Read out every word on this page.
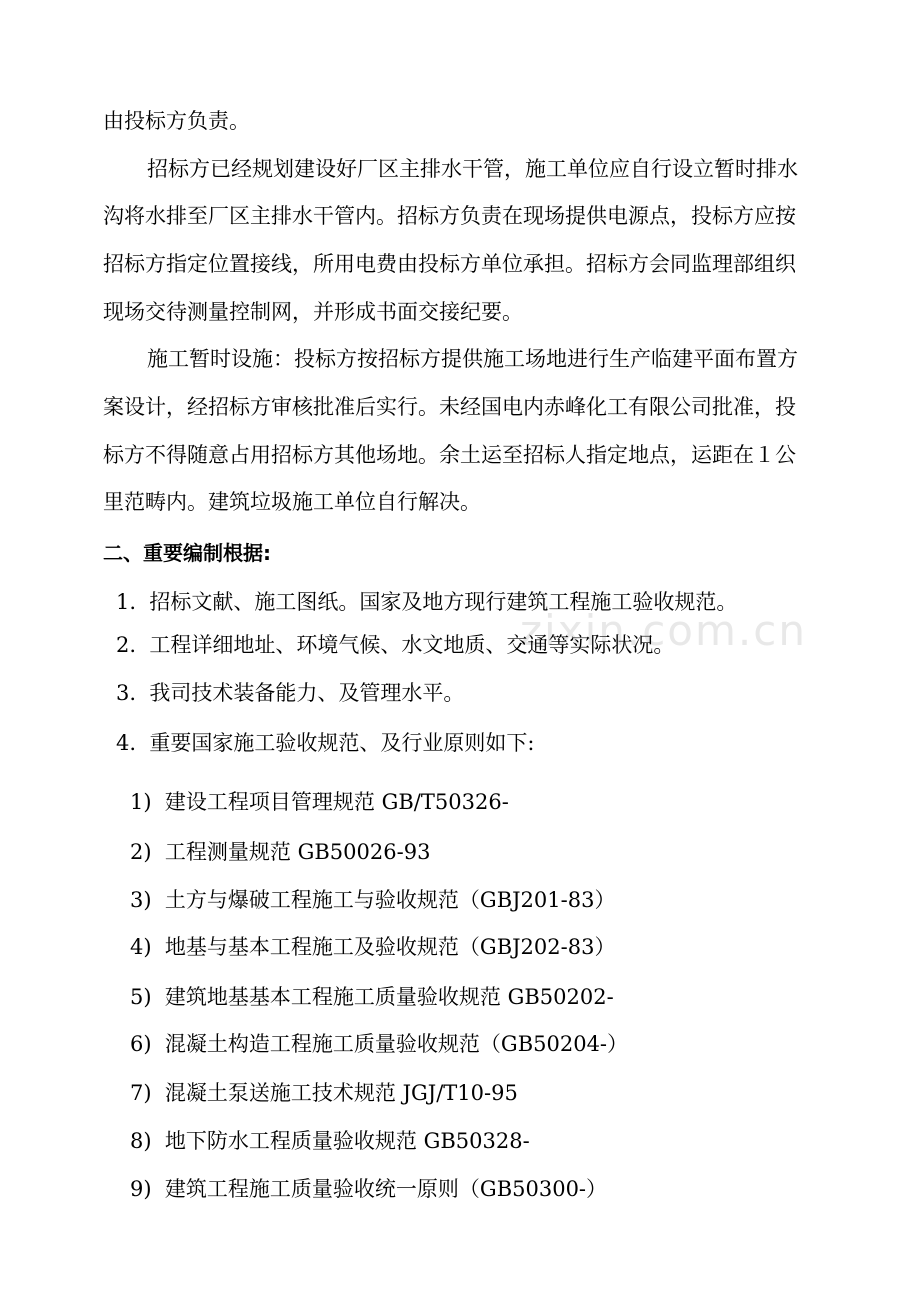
zixin.com.cn
由投标方负责。
招标方已经规划建设好厂区主排水干管，施工单位应自行设立暂时排水
沟将水排至厂区主排水干管内。招标方负责在现场提供电源点，投标方应按
招标方指定位置接线，所用电费由投标方单位承担。招标方会同监理部组织
现场交待测量控制网，并形成书面交接纪要。
施工暂时设施：投标方按招标方提供施工场地进行生产临建平面布置方
案设计，经招标方审核批准后实行。未经国电内赤峰化工有限公司批准，投
标方不得随意占用招标方其他场地。余土运至招标人指定地点，运距在１公
里范畴内。建筑垃圾施工单位自行解决。
二、重要编制根据:
1. 招标文献、施工图纸。国家及地方现行建筑工程施工验收规范。
2. 工程详细地址、环境气候、水文地质、交通等实际状况。
3. 我司技术装备能力、及管理水平。
4. 重要国家施工验收规范、及行业原则如下:
1) 建设工程项目管理规范 GB/T50326-
2) 工程测量规范 GB50026-93
3) 土方与爆破工程施工与验收规范（GBJ201-83）
4) 地基与基本工程施工及验收规范（GBJ202-83）
5) 建筑地基基本工程施工质量验收规范 GB50202-
6) 混凝土构造工程施工质量验收规范（GB50204-）
7) 混凝土泵送施工技术规范 JGJ/T10-95
8) 地下防水工程质量验收规范 GB50328-
9) 建筑工程施工质量验收统一原则（GB50300-）
